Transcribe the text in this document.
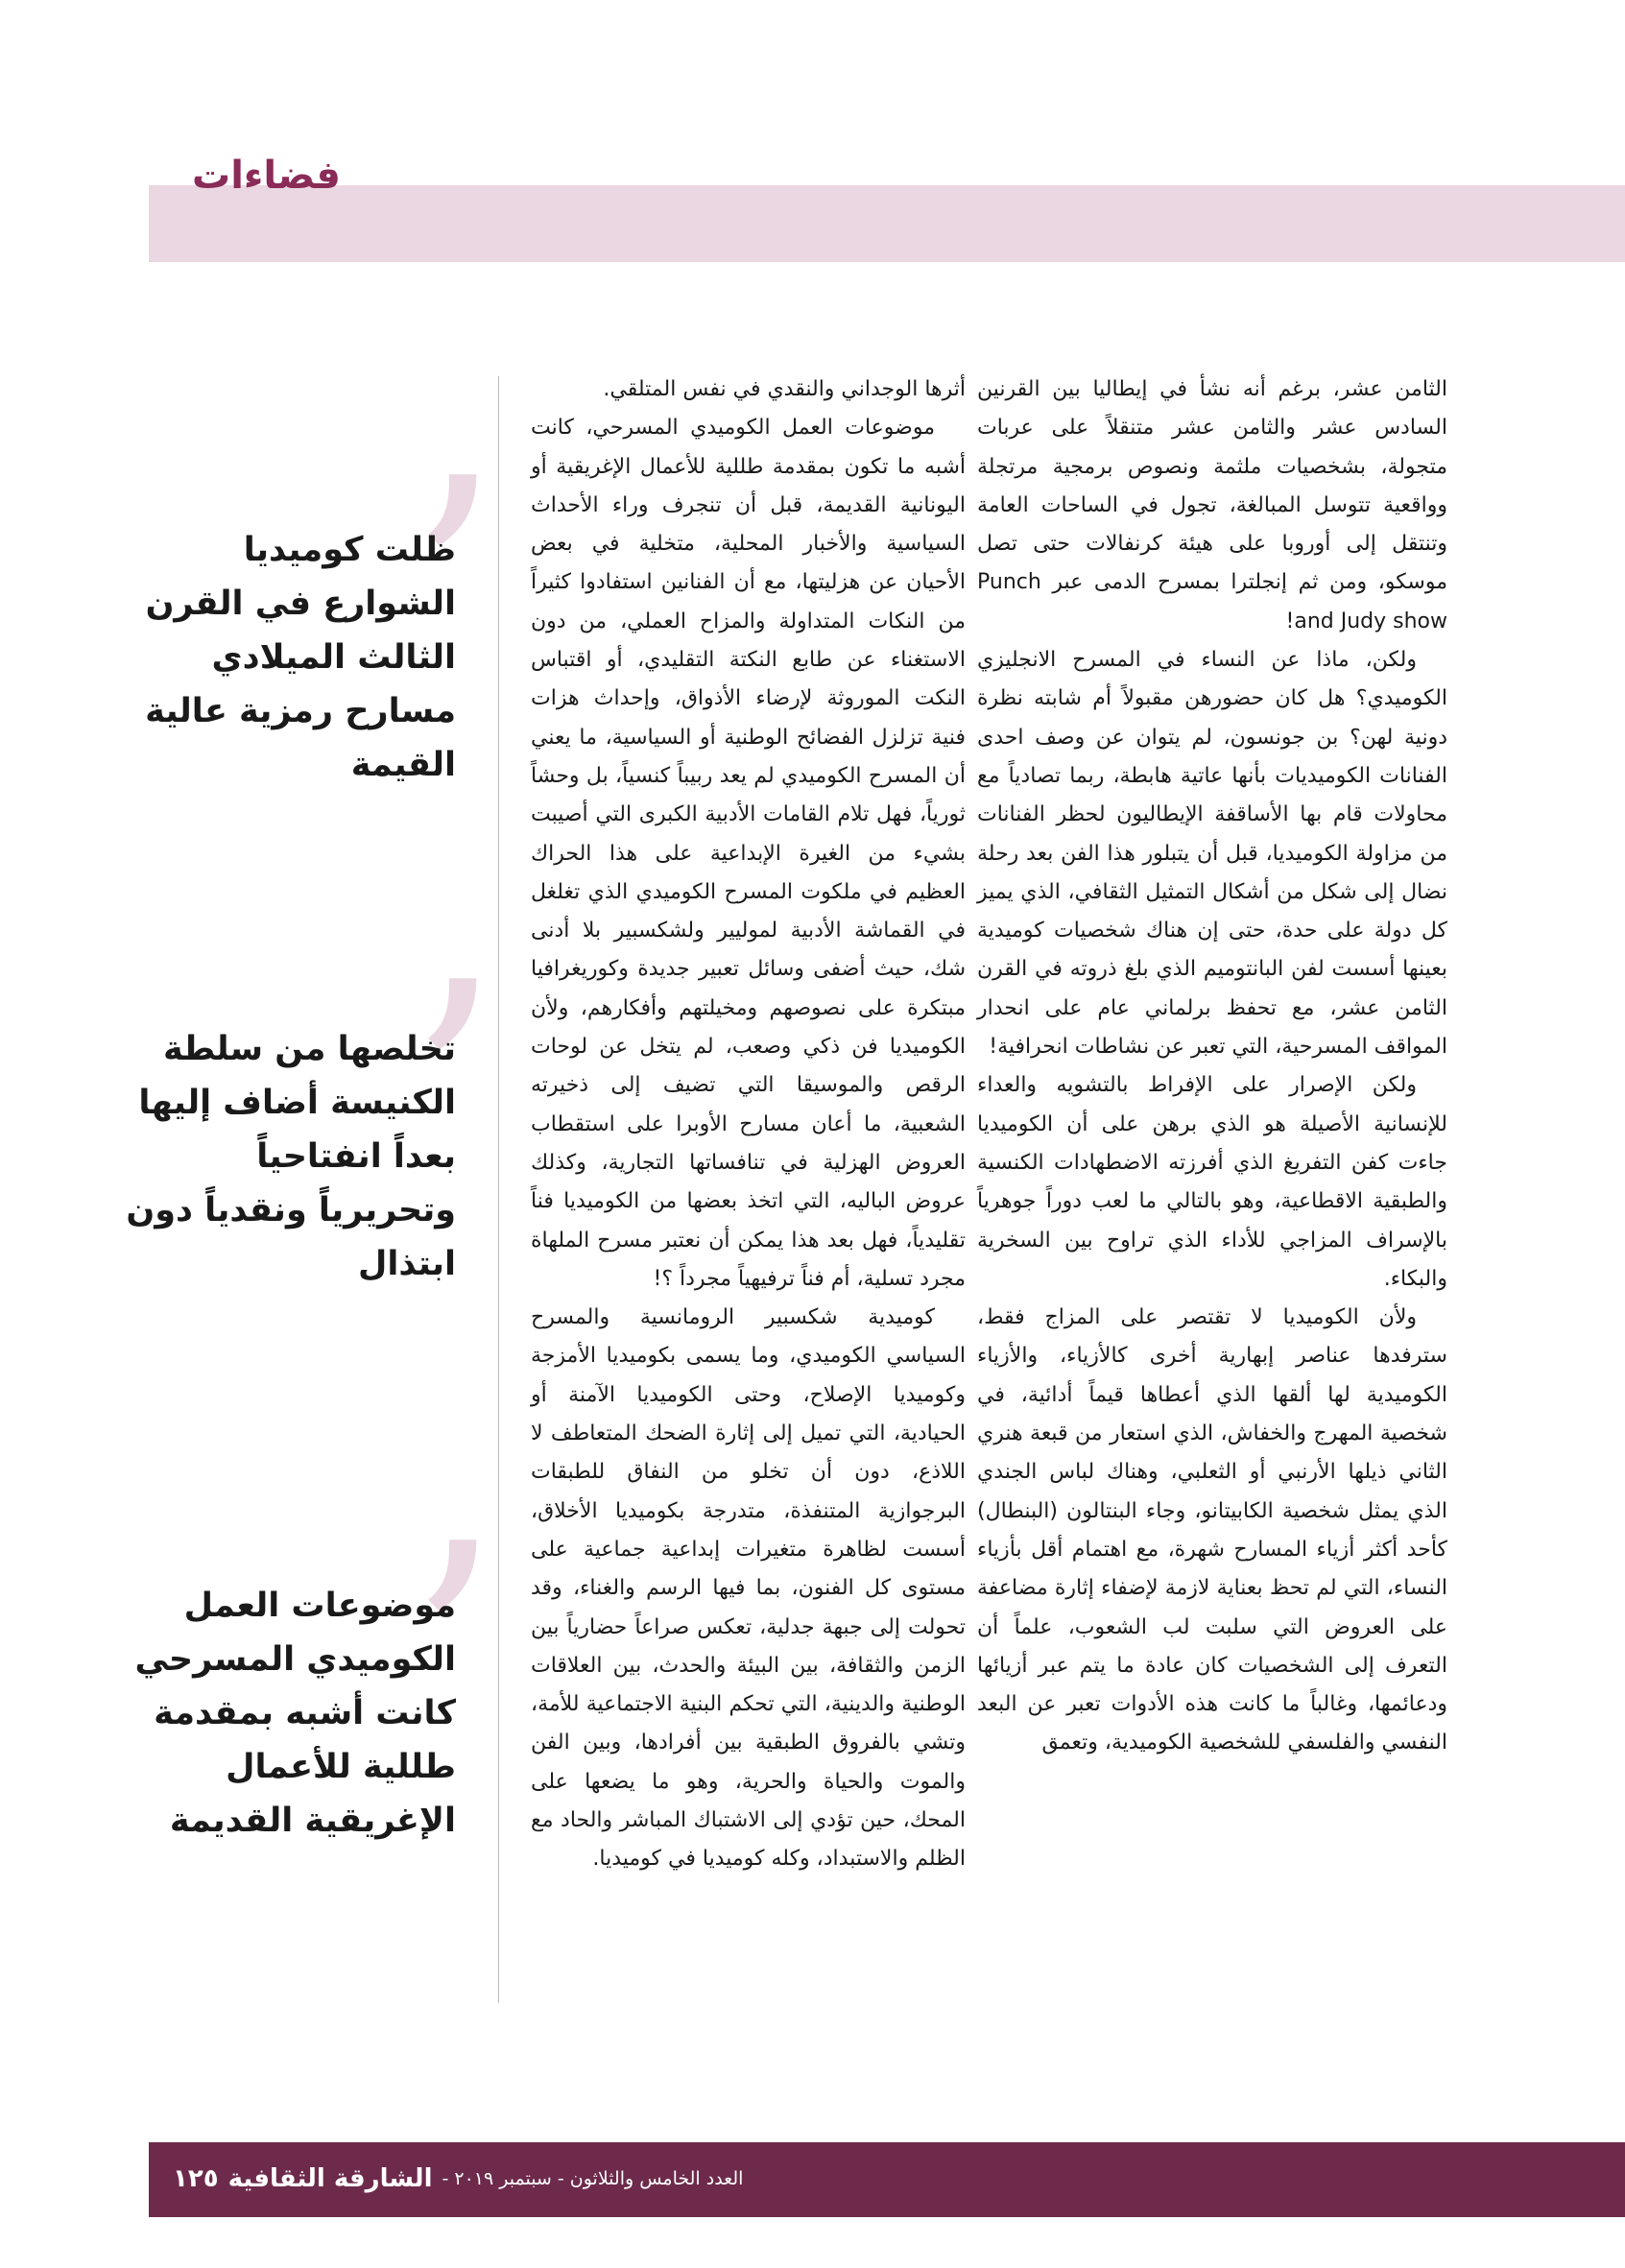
فضاءات

الثامن عشر، برغم أنه نشأ في إيطاليا بين القرنين السادس عشر والثامن عشر متنقلاً على عربات متجولة، بشخصيات ملثمة ونصوص برمجية مرتجلة وواقعية تتوسل المبالغة، تجول في الساحات العامة وتنتقل إلى أوروبا على هيئة كرنفالات حتى تصل موسكو، ومن ثم إنجلترا بمسرح الدمى عبر Punch and Judy show!

ولكن، ماذا عن النساء في المسرح الانجليزي الكوميدي؟ هل كان حضورهن مقبولاً أم شابته نظرة دونية لهن؟ بن جونسون، لم يتوان عن وصف احدى الفنانات الكوميديات بأنها عاتية هابطة، ربما تصادياً مع محاولات قام بها الأساقفة الإيطاليون لحظر الفنانات من مزاولة الكوميديا، قبل أن يتبلور هذا الفن بعد رحلة نضال إلى شكل من أشكال التمثيل الثقافي، الذي يميز كل دولة على حدة، حتى إن هناك شخصيات كوميدية بعينها أسست لفن البانتوميم الذي بلغ ذروته في القرن الثامن عشر، مع تحفظ برلماني عام على انحدار المواقف المسرحية، التي تعبر عن نشاطات انحرافية!

ولكن الإصرار على الإفراط بالتشويه والعداء للإنسانية الأصيلة هو الذي برهن على أن الكوميديا جاءت كفن التفريغ الذي أفرزته الاضطهادات الكنسية والطبقية الاقطاعية، وهو بالتالي ما لعب دوراً جوهرياً بالإسراف المزاجي للأداء الذي تراوح بين السخرية والبكاء.

ولأن الكوميديا لا تقتصر على المزاج فقط، سترفدها عناصر إبهارية أخرى كالأزياء، والأزياء الكوميدية لها ألقها الذي أعطاها قيماً أدائية، في شخصية المهرج والخفاش، الذي استعار من قبعة هنري الثاني ذيلها الأرنبي أو الثعلبي، وهناك لباس الجندي الذي يمثل شخصية الكابيتانو، وجاء البنتالون (البنطال) كأحد أكثر أزياء المسارح شهرة، مع اهتمام أقل بأزياء النساء، التي لم تحظ بعناية لازمة لإضفاء إثارة مضاعفة على العروض التي سلبت لب الشعوب، علماً أن التعرف إلى الشخصيات كان عادة ما يتم عبر أزيائها ودعائمها، وغالباً ما كانت هذه الأدوات تعبر عن البعد النفسي والفلسفي للشخصية الكوميدية، وتعمق

أثرها الوجداني والنقدي في نفس المتلقي.

موضوعات العمل الكوميدي المسرحي، كانت أشبه ما تكون بمقدمة طللية للأعمال الإغريقية أو اليونانية القديمة، قبل أن تنجرف وراء الأحداث السياسية والأخبار المحلية، متخلية في بعض الأحيان عن هزليتها، مع أن الفنانين استفادوا كثيراً من النكات المتداولة والمزاح العملي، من دون الاستغناء عن طابع النكتة التقليدي، أو اقتباس النكت الموروثة لإرضاء الأذواق، وإحداث هزات فنية تزلزل الفضائح الوطنية أو السياسية، ما يعني أن المسرح الكوميدي لم يعد ربيباً كنسياً، بل وحشاً ثورياً، فهل تلام القامات الأدبية الكبرى التي أصيبت بشيء من الغيرة الإبداعية على هذا الحراك العظيم في ملكوت المسرح الكوميدي الذي تغلغل في القماشة الأدبية لموليير ولشكسبير بلا أدنى شك، حيث أضفى وسائل تعبير جديدة وكوريغرافيا مبتكرة على نصوصهم ومخيلتهم وأفكارهم، ولأن الكوميديا فن ذكي وصعب، لم يتخل عن لوحات الرقص والموسيقا التي تضيف إلى ذخيرته الشعبية، ما أعان مسارح الأوبرا على استقطاب العروض الهزلية في تنافساتها التجارية، وكذلك عروض الباليه، التي اتخذ بعضها من الكوميديا فناً تقليدياً، فهل بعد هذا يمكن أن نعتبر مسرح الملهاة مجرد تسلية، أم فناً ترفيهياً مجرداً ؟!

كوميدية شكسبير الرومانسية والمسرح السياسي الكوميدي، وما يسمى بكوميديا الأمزجة وكوميديا الإصلاح، وحتى الكوميديا الآمنة أو الحيادية، التي تميل إلى إثارة الضحك المتعاطف لا اللاذع، دون أن تخلو من النفاق للطبقات البرجوازية المتنفذة، متدرجة بكوميديا الأخلاق، أسست لظاهرة متغيرات إبداعية جماعية على مستوى كل الفنون، بما فيها الرسم والغناء، وقد تحولت إلى جبهة جدلية، تعكس صراعاً حضارياً بين الزمن والثقافة، بين البيئة والحدث، بين العلاقات الوطنية والدينية، التي تحكم البنية الاجتماعية للأمة، وتشي بالفروق الطبقية بين أفرادها، وبين الفن والموت والحياة والحرية، وهو ما يضعها على المحك، حين تؤدي إلى الاشتباك المباشر والحاد مع الظلم والاستبداد، وكله كوميديا في كوميديا.

’
ظلت كوميديا الشوارع في القرن الثالث الميلادي مسارح رمزية عالية القيمة
’
تخلصها من سلطة الكنيسة أضاف إليها بعداً انفتاحياً وتحريرياً ونقدياً دون ابتذال
’
موضوعات العمل الكوميدي المسرحي كانت أشبه بمقدمة طللية للأعمال الإغريقية القديمة
١٢٥ الشارقة الثقافية العدد الخامس والثلاثون - سبتمبر ٢٠١٩ -
